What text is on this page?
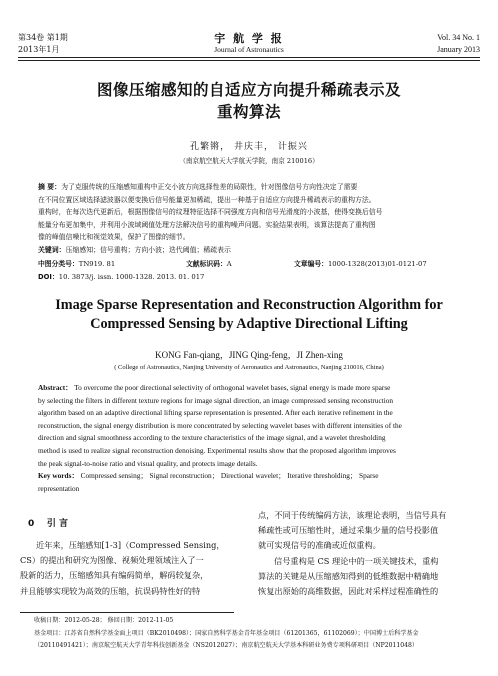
第34卷 第1期
2013年1月
宇 航 学 报
Journal of Astronautics
Vol. 34 No. 1
January 2013
图像压缩感知的自适应方向提升稀疏表示及
重构算法
孔繁锵， 井庆丰， 计振兴
（南京航空航天大学航天学院，南京 210016）
摘 要：为了克服传统的压缩感知重构中正交小波方向选择性差的局限性，针对图像信号方向性决定了需要
在不同位置区域选择滤波器以便变换后信号能量更加稀疏，提出一种基于自适应方向提升稀疏表示的重构方法。
重构时，在每次迭代更新后，根据图像信号的纹理特征选择不同强度方向和信号光滑度的小波基，使得变换后信号
能量分布更加集中，并利用小波域阈值处理方法解决信号的重构噪声问题。实验结果表明，该算法提高了重构图
像的峰值信噪比和视觉效果，保护了图像的细节。
关键词：压缩感知；信号重构；方向小波；迭代阈值；稀疏表示
中图分类号：TN919. 81	文献标识码：A	文章编号：1000-1328(2013)01-0121-07
DOI：10. 3873/j. issn. 1000-1328. 2013. 01. 017
Image Sparse Representation and Reconstruction Algorithm for
Compressed Sensing by Adaptive Directional Lifting
KONG Fan-qiang，JING Qing-feng，JI Zhen-xing
( College of Astronautics, Nanjing University of Aeronautics and Astronautics, Nanjing 210016, China)
Abstract： To overcome the poor directional selectivity of orthogonal wavelet bases, signal energy is made more sparse
by selecting the filters in different texture regions for image signal direction, an image compressed sensing reconstruction
algorithm based on an adaptive directional lifting sparse representation is presented. After each iterative refinement in the
reconstruction, the signal energy distribution is more concentrated by selecting wavelet bases with different intensities of the
direction and signal smoothness according to the texture characteristics of the image signal, and a wavelet thresholding
method is used to realize signal reconstruction denoising. Experimental results show that the proposed algorithm improves
the peak signal-to-noise ratio and visual quality, and protects image details.
Key words： Compressed sensing； Signal reconstruction； Directional wavelet； Iterative thresholding； Sparse
representation
0 引 言
近年来，压缩感知[1-3]（Compressed Sensing，
CS）的提出和研究为图像、视频处理领域注入了一
股新的活力，压缩感知具有编码简单，解码较复杂，
并且能够实现较为高效的压缩，抗误码特性好的特
点，不同于传统编码方法，该理论表明，当信号具有
稀疏性或可压缩性时，通过采集少量的信号投影值
就可实现信号的准确或近似重构。
信号重构是 CS 理论中的一项关键技术，重构
算法的关键是从压缩感知得到的低维数据中精确地
恢复出原始的高维数据，因此对采样过程准确性的
收稿日期：2012-05-28； 修回日期：2012-11-05
基金项目：江苏省自然科学基金面上项目（BK2010498）；国家自然科学基金青年基金项目（61201365，61102069）；中国博士后科学基金
（20110491421）；南京航空航天大学青年科技创新基金（NS2012027）；南京航空航天大学基本科研业务费专项科研项目（NP2011048）
